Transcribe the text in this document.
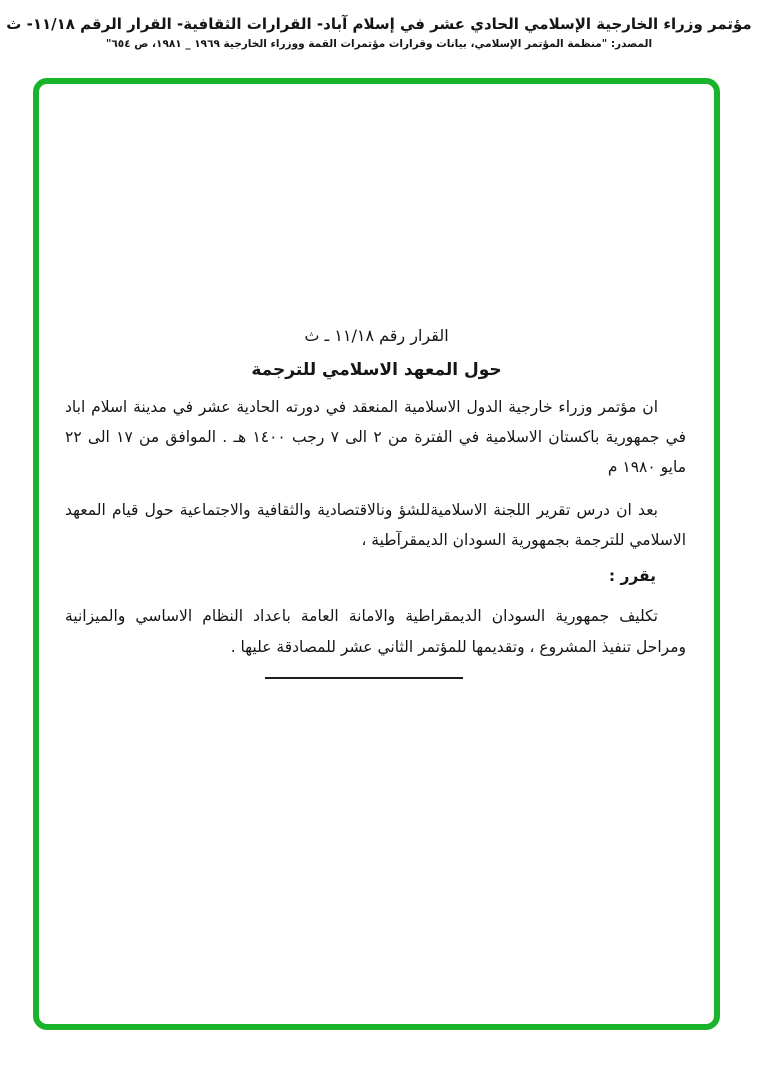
مؤتمر وزراء الخارجية الإسلامي الحادي عشر في إسلام آباد- القرارات الثقافية- القرار الرقم ١١/١٨- ث
المصدر: "منظمة المؤتمر الإسلامي، بيانات وقرارات مؤتمرات القمة ووزراء الخارجية ١٩٦٩ _ ١٩٨١، ص ٦٥٤"
القرار رقم ١١/١٨ ـ ث
حول المعهد الاسلامي للترجمة

ان مؤتمر وزراء خارجية الدول الاسلامية المنعقد في دورته الحادية عشر في مدينة اسلام اباد في جمهورية باكستان الاسلامية في الفترة من ٢ الى ٧ رجب ١٤٠٠ هـ . الموافق من ١٧ الى ٢٢ مايو ١٩٨٠ م

بعد ان درس تقرير اللجنة الاسلاميةللشؤ ونالاقتصادية والثقافية والاجتماعية حول قيام المعهد الاسلامي للترجمة بجمهورية السودان الديمقرآطية ،

يقرر :

تكليف جمهورية السودان الديمقراطية والامانة العامة باعداد النظام الاساسي والميزانية ومراحل تنفيذ المشروع ، وتقديمها للمؤتمر الثاني عشر للمصادقة عليها .
